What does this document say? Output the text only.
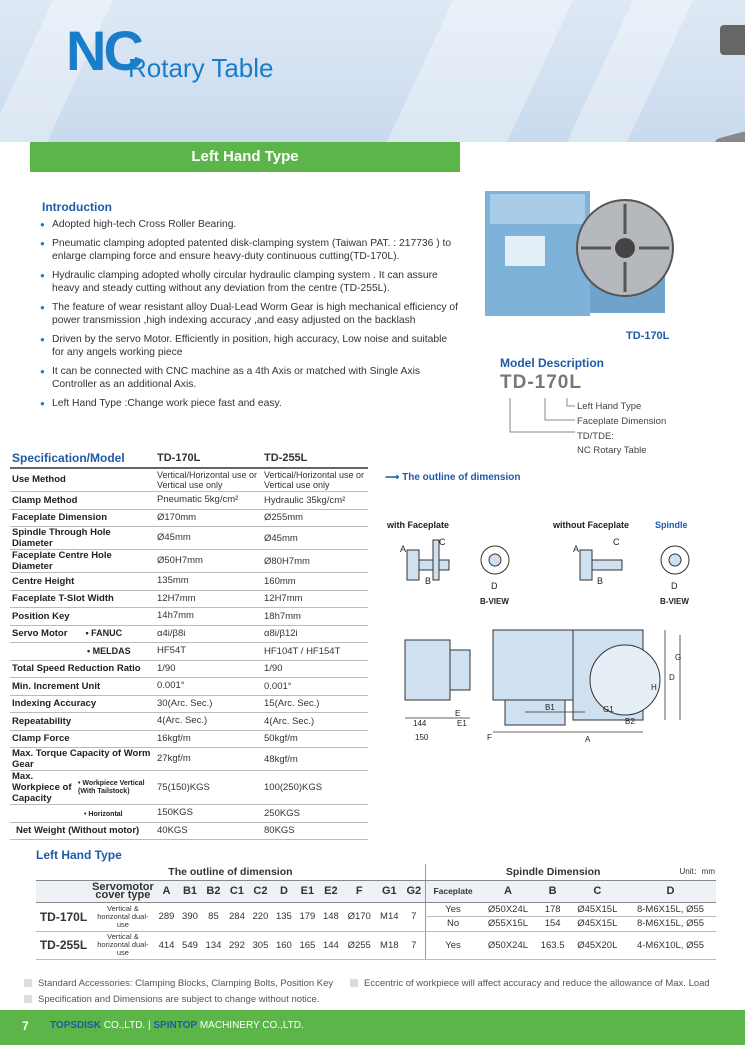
NC
Rotary Table
Left Hand Type
Introduction
● Adopted high-tech Cross Roller Bearing.
● Pneumatic clamping adopted patented disk-clamping system (Taiwan PAT. : 217736 ) to enlarge clamping force and ensure heavy-duty continuous cutting(TD-170L).
● Hydraulic clamping adopted wholly circular hydraulic clamping system . It can assure heavy and steady cutting without any deviation from the centre (TD-255L).
● The feature of wear resistant alloy Dual-Lead Worm Gear is high mechanical efficiency of power transmission ,high indexing accuracy ,and easy adjusted on the backlash
● Driven by the servo Motor. Efficiently in position, high accuracy, Low noise and suitable for any angels working piece
● It can be connected with CNC machine as a 4th Axis or matched with Single Axis Controller as an additional Axis.
● Left Hand Type :Change work piece fast and easy.
TD-170L
Model Description
TD-170L
Left Hand Type
Faceplate Dimension
TD/TDE:
NC Rotary Table
Specification/Model	TD-170L	TD-255L
Use Method	Vertical/Horizontal use or Vertical use only	Vertical/Horizontal use or Vertical use only
Clamp Method	Pneumatic 5kg/cm²	Hydraulic 35kg/cm²
Faceplate Dimension	Ø170mm	Ø255mm
Spindle Through Hole Diameter	Ø45mm	Ø45mm
Faceplate Centre Hole Diameter	Ø50H7mm	Ø80H7mm
Centre Height	135mm	160mm
Faceplate T-Slot Width	12H7mm	12H7mm
Position Key	14h7mm	18h7mm
Servo Motor • FANUC	α4i/β8i	α8i/β12i
• MELDAS	HF54T	HF104T / HF154T
Total Speed Reduction Ratio	1/90	1/90
Min. Increment Unit	0.001°	0.001°
Indexing Accuracy	30(Arc. Sec.)	15(Arc. Sec.)
Repeatability	4(Arc. Sec.)	4(Arc. Sec.)
Clamp Force	16kgf/m	50kgf/m
Max. Torque Capacity of Worm Gear	27kgf/m	48kgf/m
Max. Workpiece of Capacity• Workpiece Vertical (With Tailstock)	75(150)KGS	100(250)KGS
• Horizontal	150KGS	250KGS
Net Weight (Without motor)	40KGS	80KGS
⟶ The outline of dimension
with Faceplate	without Faceplate	Spindle
A
B
C
D
A
B
C
D
B-VIEW	B-VIEW
144
E
E1
F
B1	G1
B2
A
150
H
D
G
Left Hand Type
The outline of dimension													Spindle Dimension Unit：mm				

	Servomotor cover type	A	B1	B2	C1	C2	D	E1	E2	F	G1	G2	Faceplate	A	B	C	D
TD-170L	Vertical & horizontal dual-use	289	390	85	284	220	135	179	148	Ø170	M14	7	Yes	Ø50X24L	178	Ø45X15L	8-M6X15L, Ø55
													No	Ø55X15L	154	Ø45X15L	8-M6X15L, Ø55
TD-255L	Vertical & horizontal dual-use	414	549	134	292	305	160	165	144	Ø255	M18	7	Yes	Ø50X24L	163.5	Ø45X20L	4-M6X10L, Ø55
Standard Accessories: Clamping Blocks, Clamping Bolts, Position Key
Specification and Dimensions are subject to change without notice.
Eccentric of workpiece will affect accuracy and reduce the allowance of Max. Load
7 TOPSDISK CO.,LTD. | SPINTOP MACHINERY CO.,LTD.
